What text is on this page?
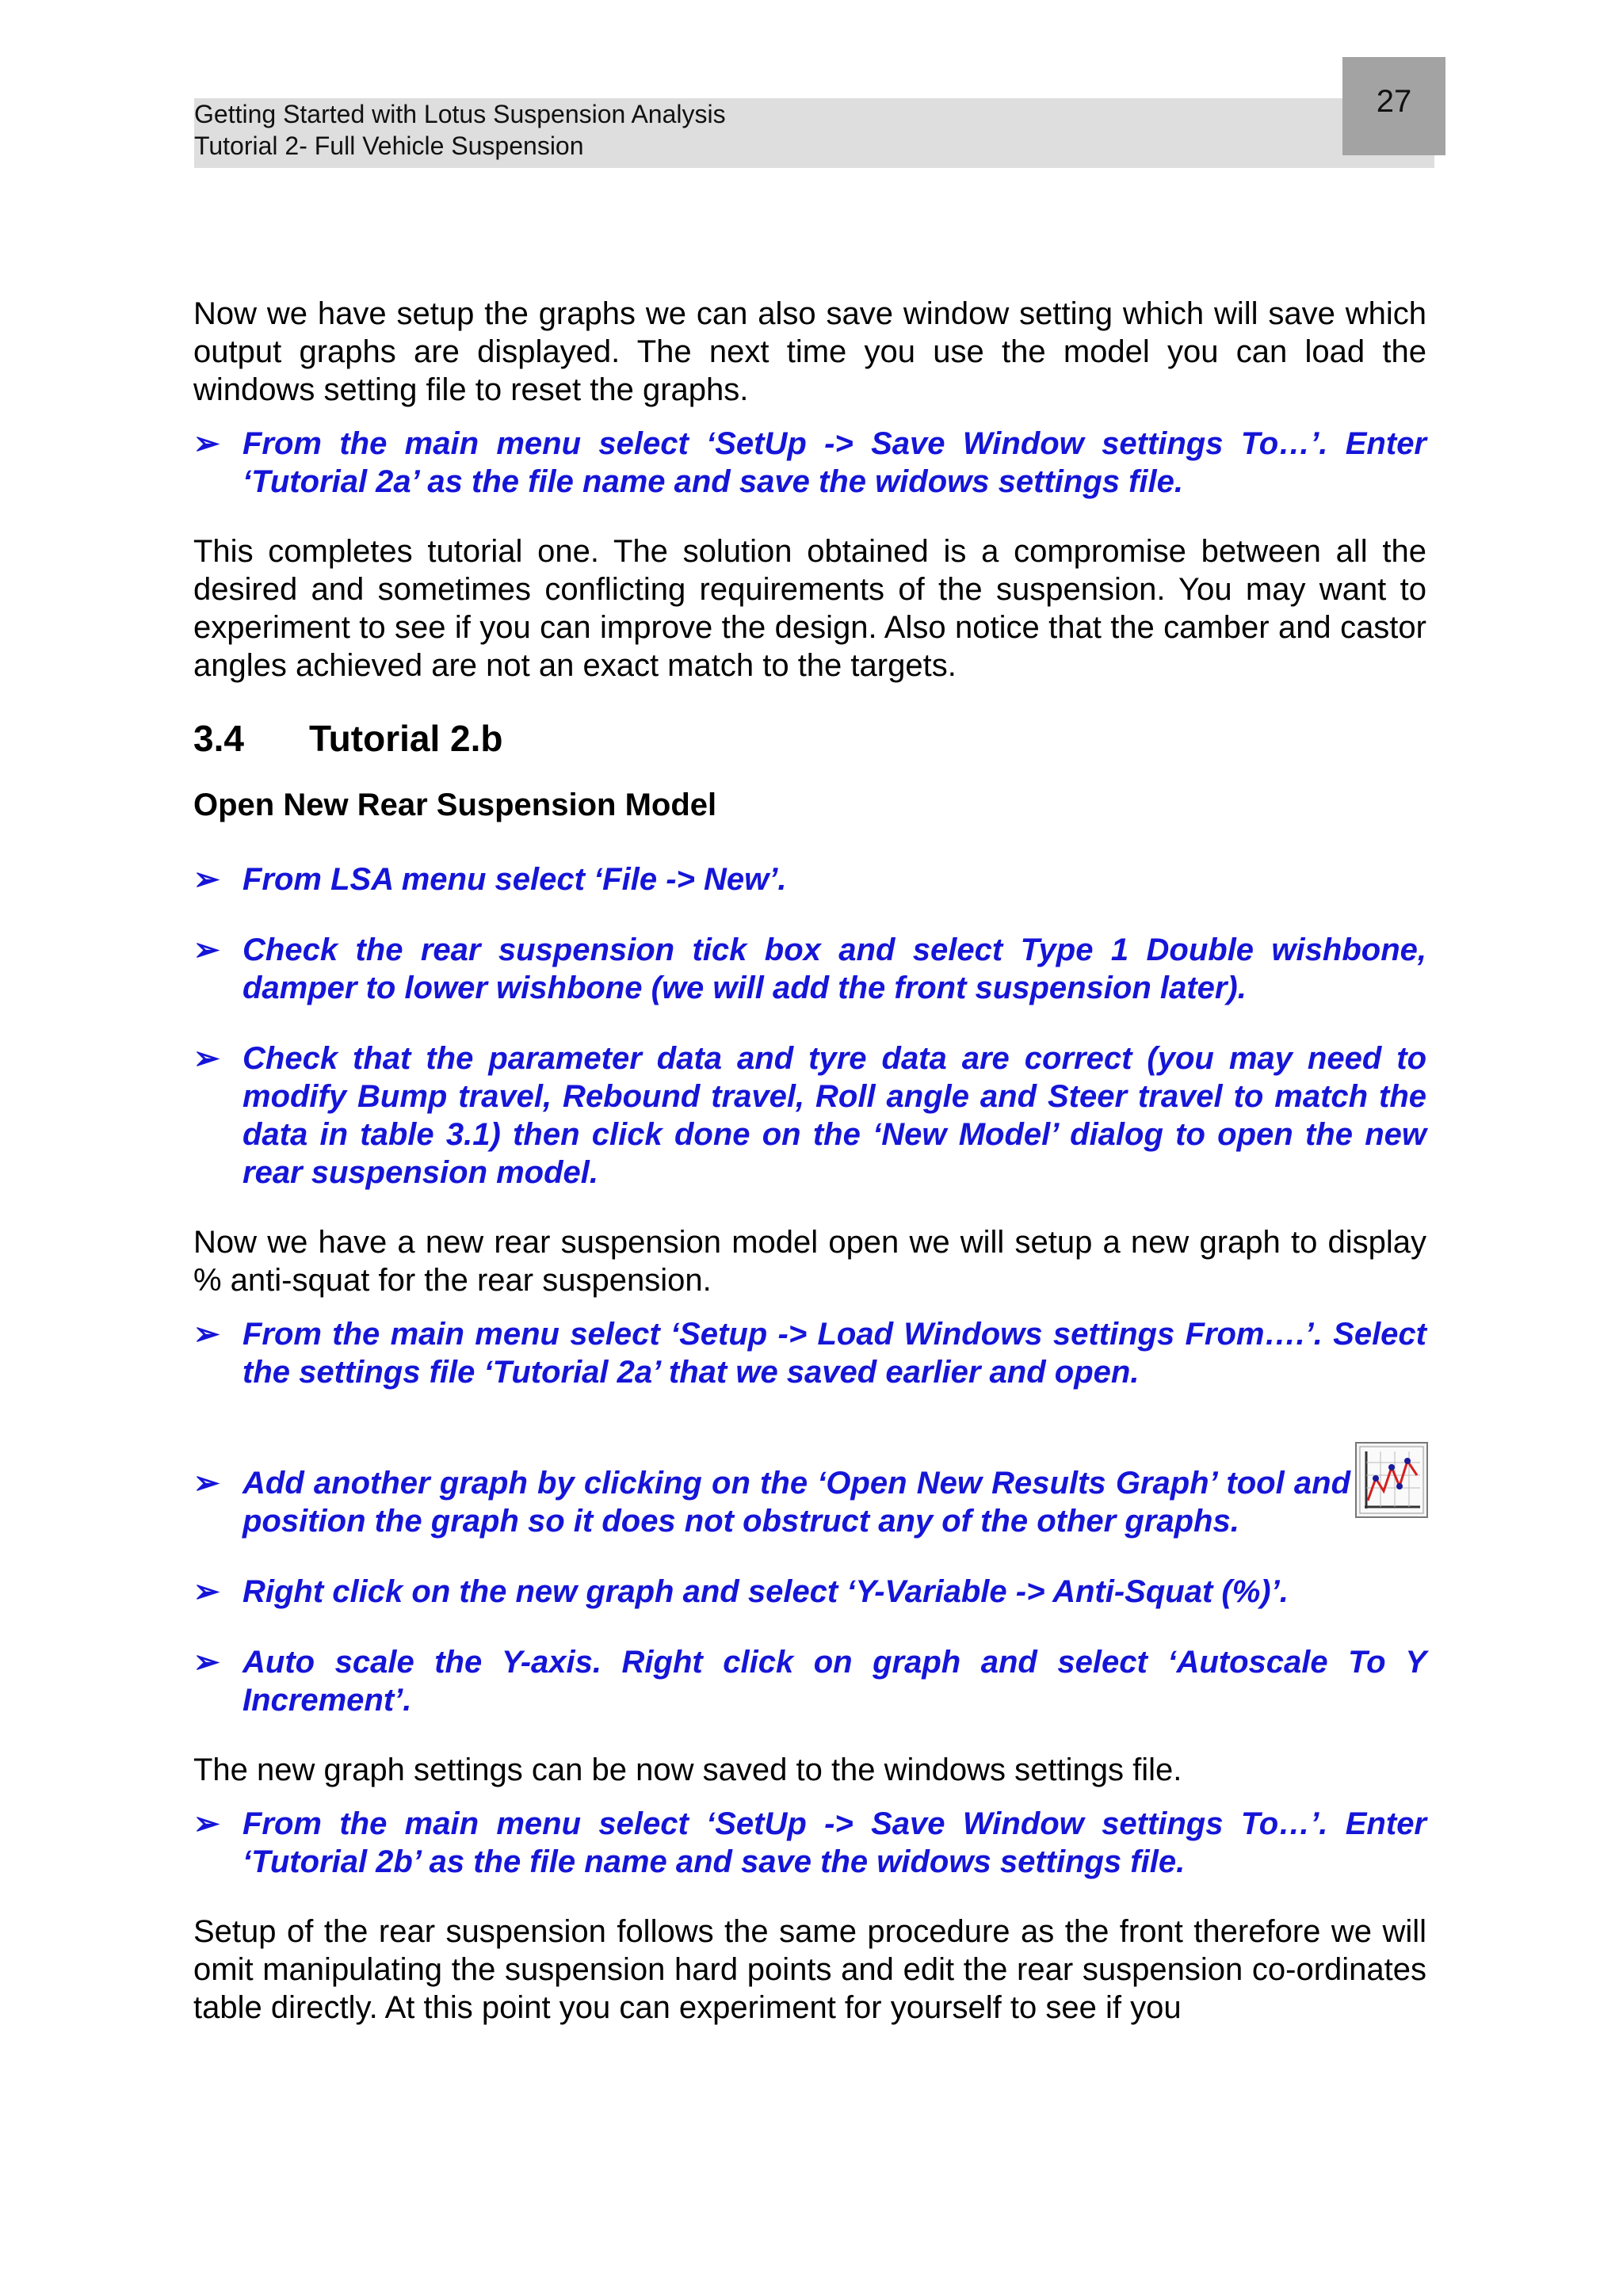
Getting Started with Lotus Suspension Analysis
Tutorial 2- Full Vehicle Suspension
27

Now we have setup the graphs we can also save window setting which will save which output graphs are displayed. The next time you use the model you can load the windows setting file to reset the graphs.

➢ From the main menu select ‘SetUp -> Save Window settings To…’. Enter ‘Tutorial 2a’ as the file name and save the widows settings file.

This completes tutorial one. The solution obtained is a compromise between all the desired and sometimes conflicting requirements of the suspension. You may want to experiment to see if you can improve the design. Also notice that the camber and castor angles achieved are not an exact match to the targets.

3.4 Tutorial 2.b
Open New Rear Suspension Model
➢ From LSA menu select ‘File -> New’.
➢ Check the rear suspension tick box and select Type 1 Double wishbone, damper to lower wishbone (we will add the front suspension later).
➢ Check that the parameter data and tyre data are correct (you may need to modify Bump travel, Rebound travel, Roll angle and Steer travel to match the data in table 3.1) then click done on the ‘New Model’ dialog to open the new rear suspension model.

Now we have a new rear suspension model open we will setup a new graph to display % anti-squat for the rear suspension.

➢ From the main menu select ‘Setup -> Load Windows settings From….’. Select the settings file ‘Tutorial 2a’ that we saved earlier and open.
➢ Add another graph by clicking on the ‘Open New Results Graph’ tool and position the graph so it does not obstruct any of the other graphs.
➢ Right click on the new graph and select ‘Y-Variable -> Anti-Squat (%)’.
➢ Auto scale the Y-axis. Right click on graph and select ‘Autoscale To Y Increment’.

The new graph settings can be now saved to the windows settings file.

➢ From the main menu select ‘SetUp -> Save Window settings To…’. Enter ‘Tutorial 2b’ as the file name and save the widows settings file.

Setup of the rear suspension follows the same procedure as the front therefore we will omit manipulating the suspension hard points and edit the rear suspension co-ordinates table directly. At this point you can experiment for yourself to see if you
